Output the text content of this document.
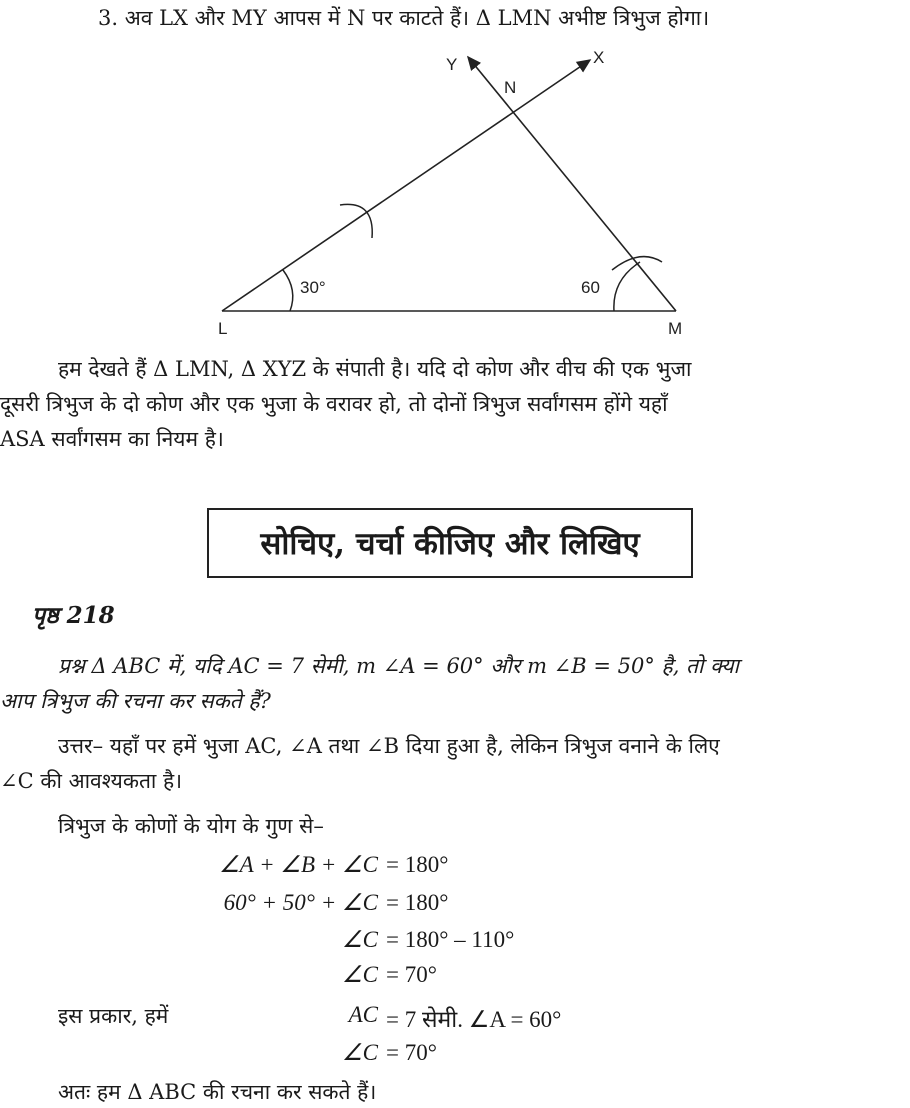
3. अव LX और MY आपस में N पर काटते हैं। Δ LMN अभीष्ट त्रिभुज होगा।
L	M
N
X
Y
30°	60
हम देखते हैं Δ LMN, Δ XYZ के संपाती है। यदि दो कोण और वीच की एक भुजा
दूसरी त्रिभुज के दो कोण और एक भुजा के वरावर हो, तो दोनों त्रिभुज सर्वांगसम होंगे यहाँ
ASA सर्वांगसम का नियम है।
सोचिए, चर्चा कीजिए और लिखिए
पृष्ठ 218
प्रश्न Δ ABC में, यदि AC = 7 सेमी, m ∠A = 60° और m ∠B = 50° है, तो क्या
आप त्रिभुज की रचना कर सकते हैं?
उत्तर– यहाँ पर हमें भुजा AC, ∠A तथा ∠B दिया हुआ है, लेकिन त्रिभुज वनाने के लिए
∠C की आवश्यकता है।
त्रिभुज के कोणों के योग के गुण से–
∠A + ∠B + ∠C = 180°
60° + 50° + ∠C = 180°
∠C = 180° – 110°
∠C = 70°
इस प्रकार, हमें	AC = 7 सेमी. ∠A = 60°
∠C = 70°
अतः हम Δ ABC की रचना कर सकते हैं।
